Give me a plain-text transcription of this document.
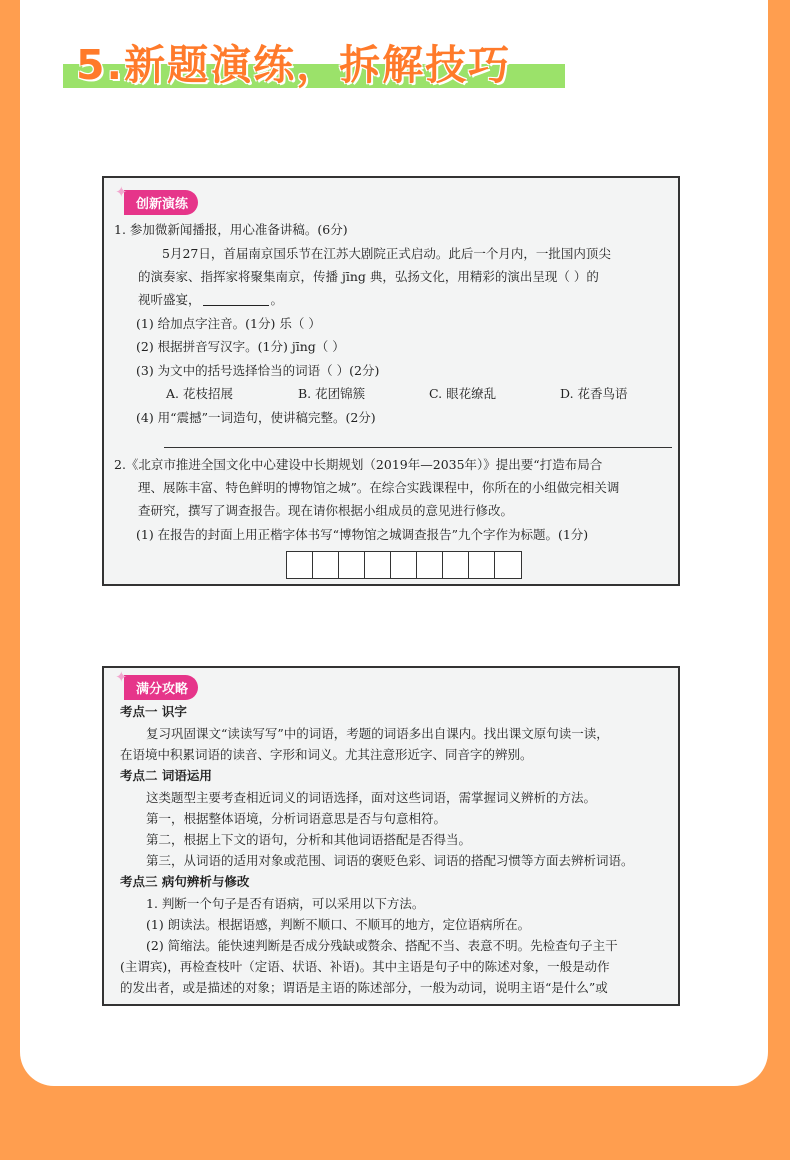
5.新题演练，拆解技巧
✦
创新演练
1. 参加微新闻播报，用心准备讲稿。(6分)
5月27日，首届南京国乐节在江苏大剧院正式启动。此后一个月内，一批国内顶尖
的演奏家、指挥家将聚集南京，传播 jīng 典，弘扬文化，用精彩的演出呈现（ ）的
视听盛宴，	。
(1) 给加点字注音。(1分) 乐（ ）
(2) 根据拼音写汉字。(1分) jīng（ ）
(3) 为文中的括号选择恰当的词语（ ）(2分)
A. 花枝招展	B. 花团锦簇	C. 眼花缭乱	D. 花香鸟语
(4) 用“震撼”一词造句，使讲稿完整。(2分)
2.《北京市推进全国文化中心建设中长期规划（2019年—2035年）》提出要“打造布局合
理、展陈丰富、特色鲜明的博物馆之城”。在综合实践课程中，你所在的小组做完相关调
查研究，撰写了调查报告。现在请你根据小组成员的意见进行修改。
(1) 在报告的封面上用正楷字体书写“博物馆之城调查报告”九个字作为标题。(1分)
✦
满分攻略
考点一 识字
复习巩固课文“读读写写”中的词语，考题的词语多出自课内。找出课文原句读一读，
在语境中积累词语的读音、字形和词义。尤其注意形近字、同音字的辨别。
考点二 词语运用
这类题型主要考查相近词义的词语选择，面对这些词语，需掌握词义辨析的方法。
第一，根据整体语境，分析词语意思是否与句意相符。
第二，根据上下文的语句，分析和其他词语搭配是否得当。
第三，从词语的适用对象或范围、词语的褒贬色彩、词语的搭配习惯等方面去辨析词语。
考点三 病句辨析与修改
1. 判断一个句子是否有语病，可以采用以下方法。
(1) 朗读法。根据语感，判断不顺口、不顺耳的地方，定位语病所在。
(2) 简缩法。能快速判断是否成分残缺或赘余、搭配不当、表意不明。先检查句子主干
(主谓宾)，再检查枝叶（定语、状语、补语)。其中主语是句子中的陈述对象，一般是动作
的发出者，或是描述的对象；谓语是主语的陈述部分，一般为动词，说明主语“是什么”或
